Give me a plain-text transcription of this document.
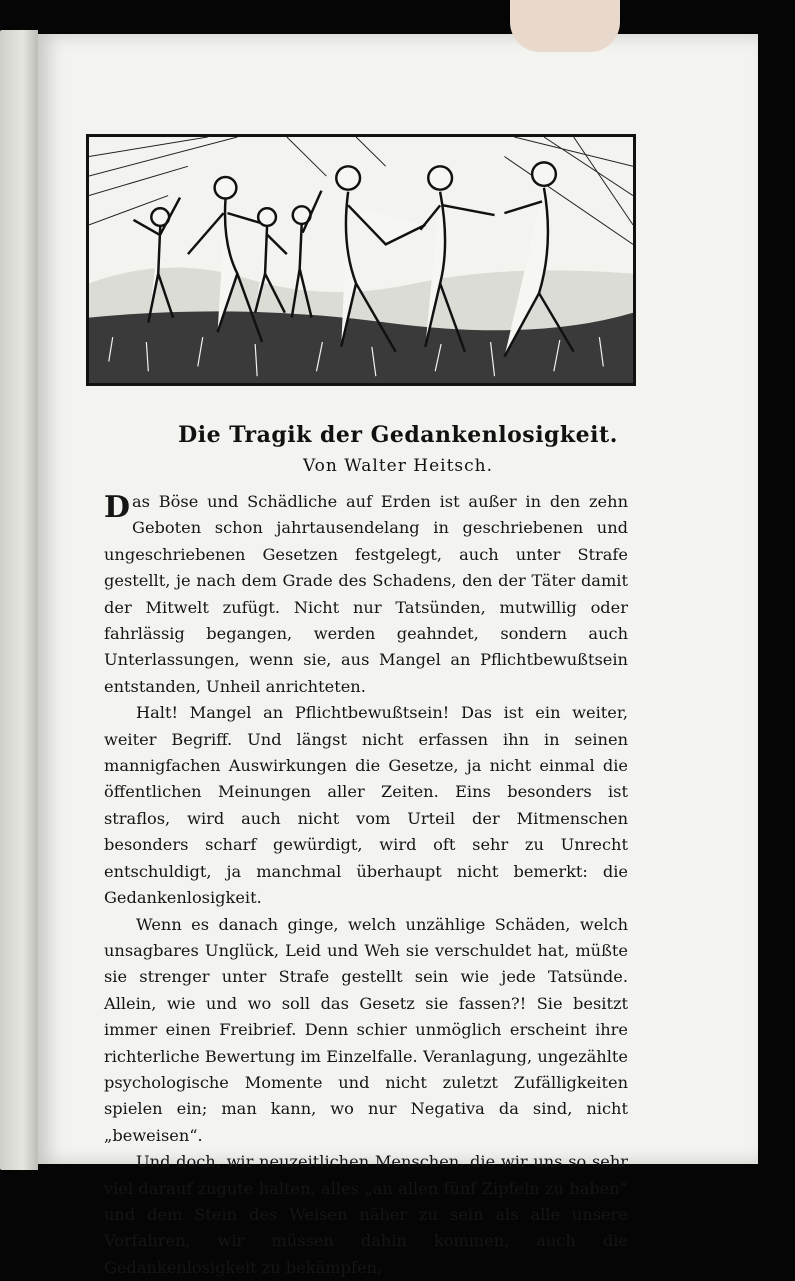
Die Tragik der Gedankenlosigkeit.
Von Walter Heitsch.

Das Böse und Schädliche auf Erden ist außer in den zehn Geboten schon jahrtausendelang in geschriebenen und ungeschriebenen Gesetzen festgelegt, auch unter Strafe gestellt, je nach dem Grade des Schadens, den der Täter damit der Mitwelt zufügt. Nicht nur Tatsünden, mutwillig oder fahrlässig begangen, werden geahndet, sondern auch Unterlassungen, wenn sie, aus Mangel an Pflichtbewußtsein entstanden, Unheil anrichteten.

Halt! Mangel an Pflichtbewußtsein! Das ist ein weiter, weiter Begriff. Und längst nicht erfassen ihn in seinen mannigfachen Auswirkungen die Gesetze, ja nicht einmal die öffentlichen Meinungen aller Zeiten. Eins besonders ist straflos, wird auch nicht vom Urteil der Mitmenschen besonders scharf gewürdigt, wird oft sehr zu Unrecht entschuldigt, ja manchmal überhaupt nicht bemerkt: die Gedankenlosigkeit.

Wenn es danach ginge, welch unzählige Schäden, welch unsagbares Unglück, Leid und Weh sie verschuldet hat, müßte sie strenger unter Strafe gestellt sein wie jede Tatsünde. Allein, wie und wo soll das Gesetz sie fassen?! Sie besitzt immer einen Freibrief. Denn schier unmöglich erscheint ihre richterliche Bewertung im Einzelfalle. Veranlagung, ungezählte psychologische Momente und nicht zuletzt Zufälligkeiten spielen ein; man kann, wo nur Negativa da sind, nicht „beweisen“.

Und doch, wir neuzeitlichen Menschen, die wir uns so sehr viel darauf zugute halten, alles „an allen fünf Zipfeln zu haben“ und dem Stein des Weisen näher zu sein als alle unsere Vorfahren, wir müssen dahin kommen, auch die Gedankenlosigkeit zu bekämpfen,
